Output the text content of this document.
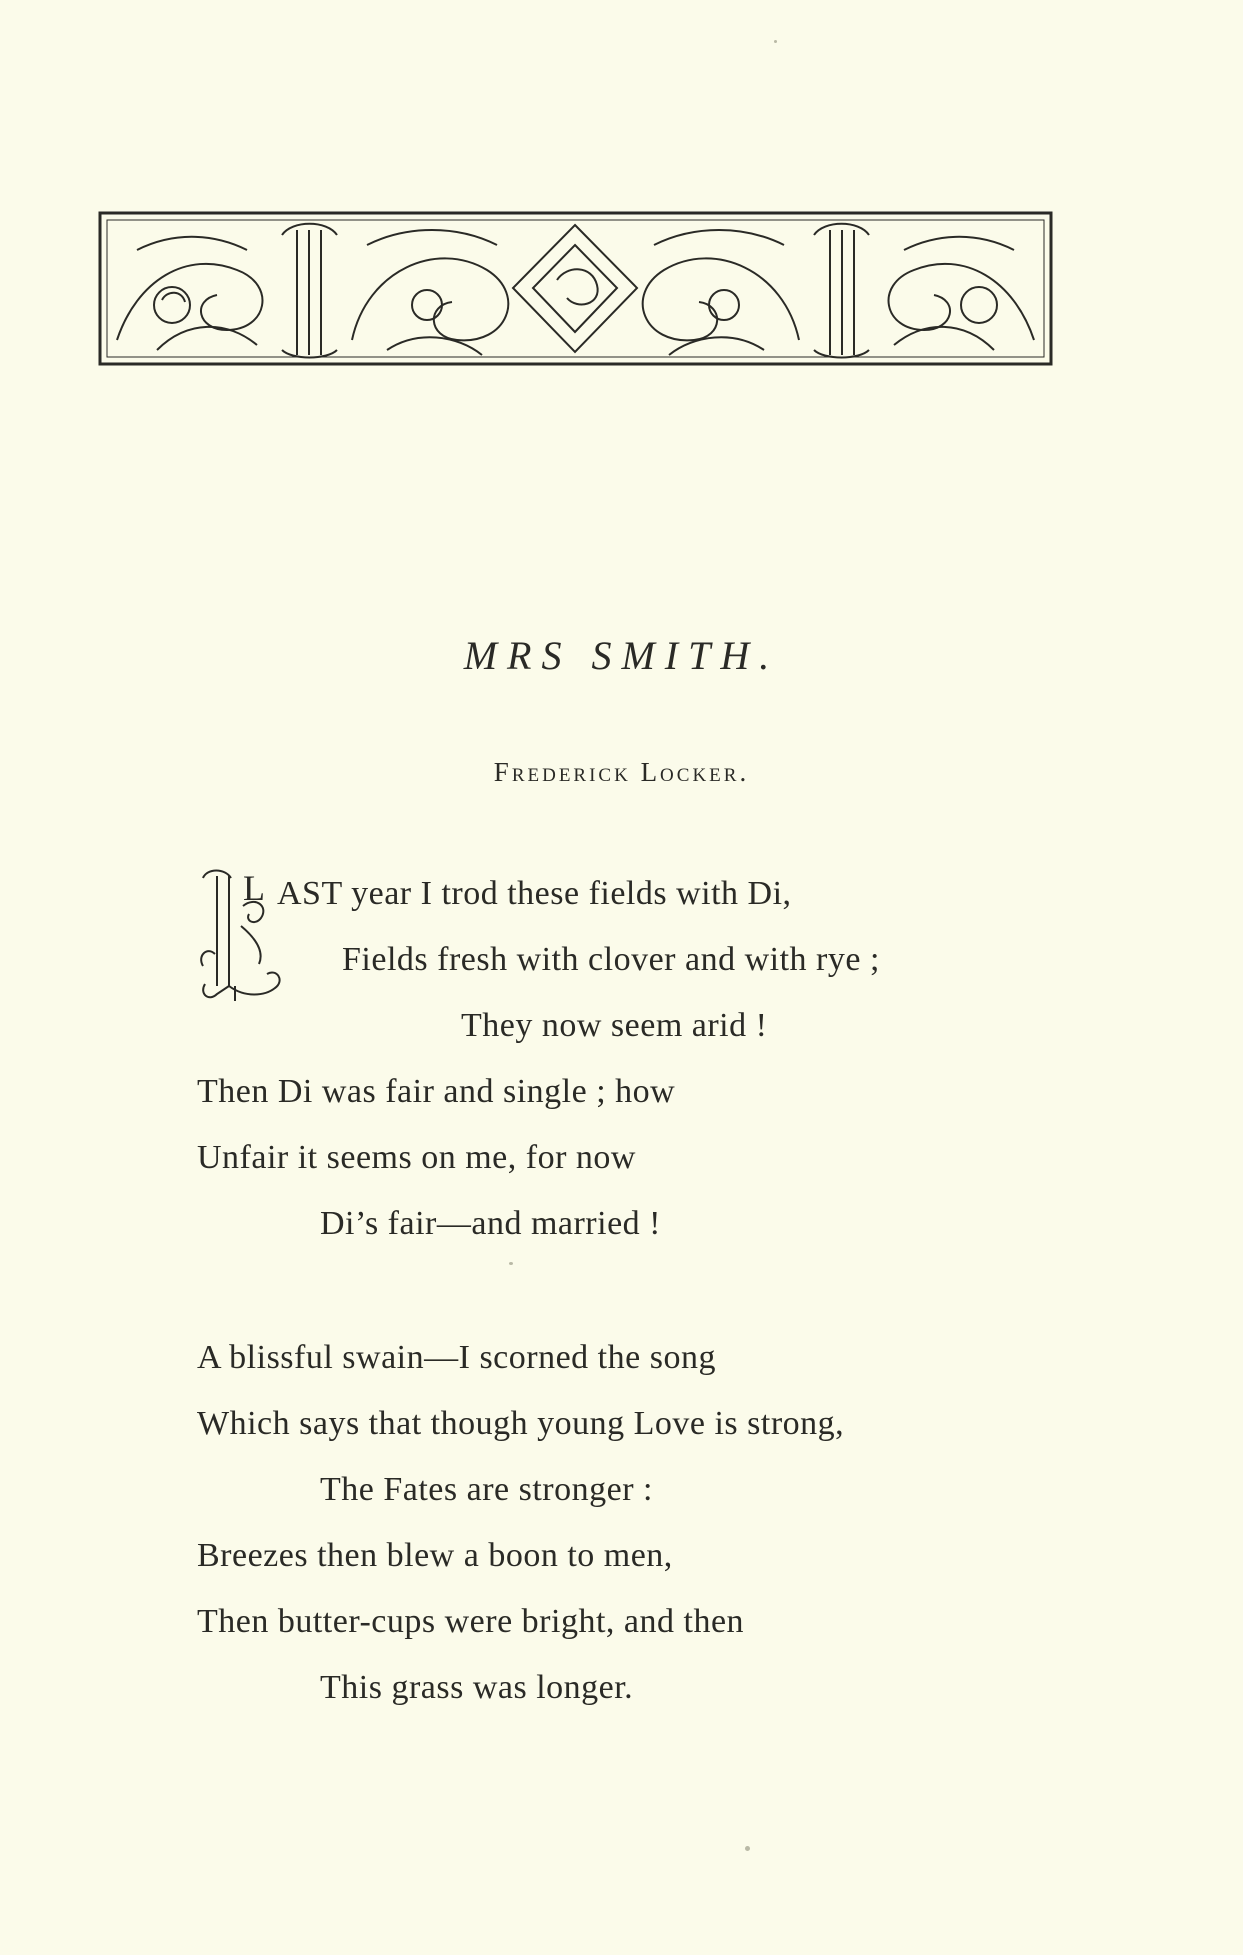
MRS SMITH.
Frederick Locker.
L AST year I trod these fields with Di,
Fields fresh with clover and with rye ;
They now seem arid !
Then Di was fair and single ; how
Unfair it seems on me, for now
Di’s fair—and married !
A blissful swain—I scorned the song
Which says that though young Love is strong,
The Fates are stronger :
Breezes then blew a boon to men,
Then butter-cups were bright, and then
This grass was longer.
